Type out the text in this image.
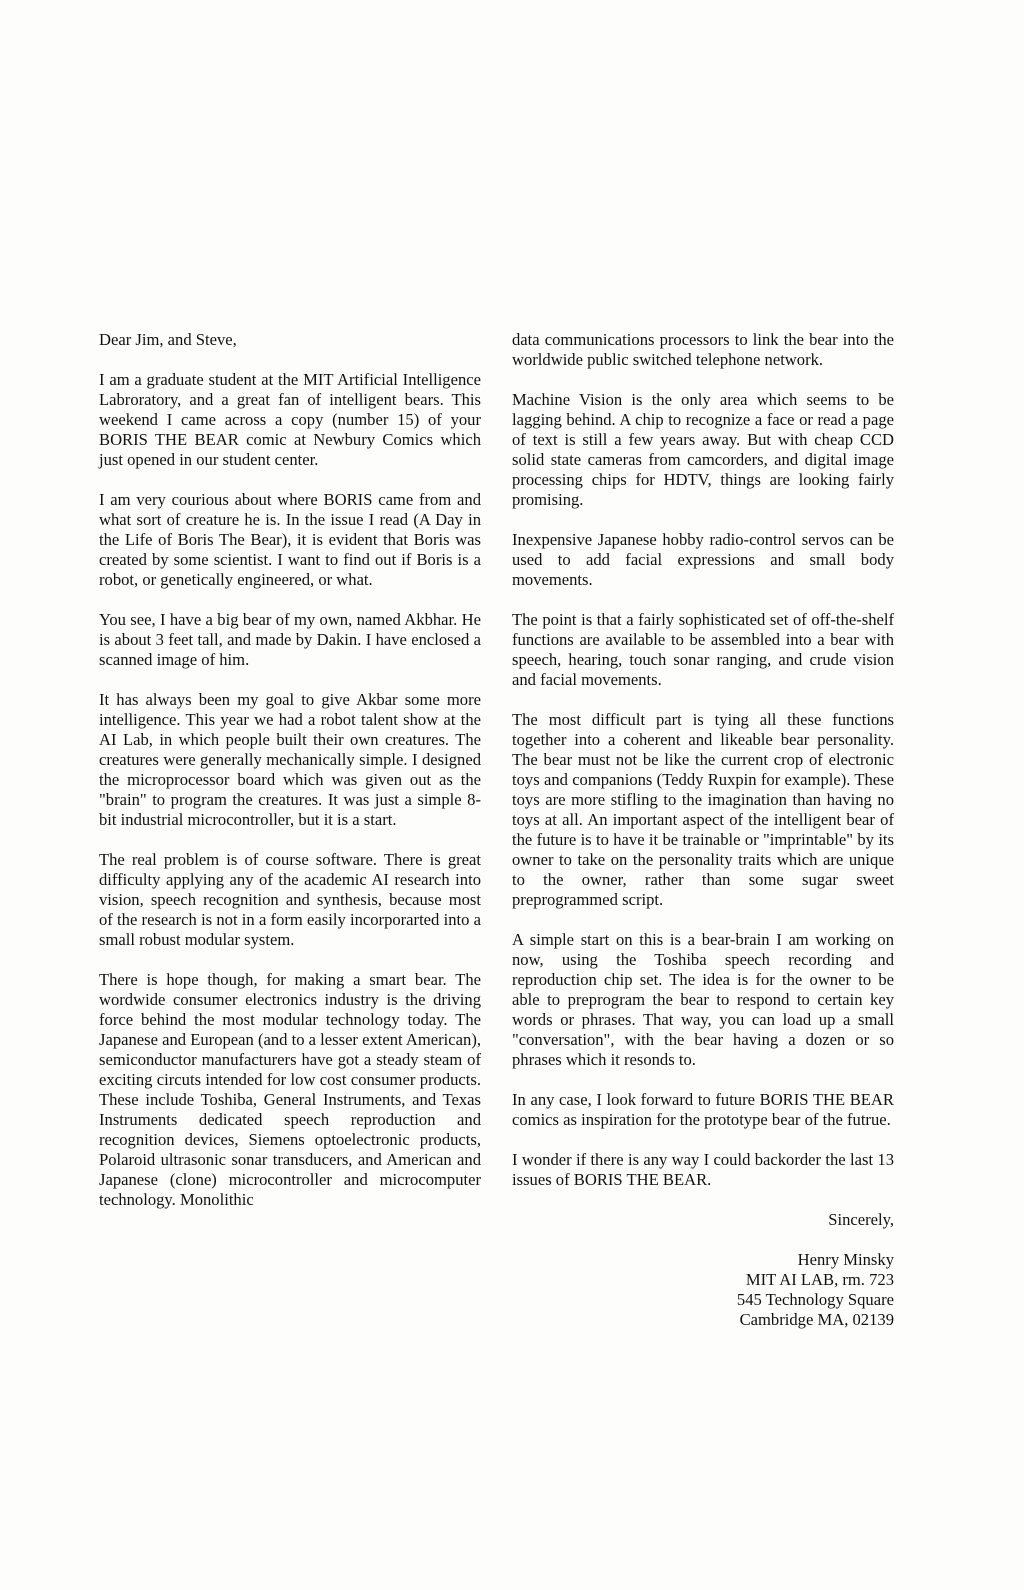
Dear Jim, and Steve,

I am a graduate student at the MIT Artificial Intelligence Labroratory, and a great fan of intelligent bears. This weekend I came across a copy (number 15) of your BORIS THE BEAR comic at Newbury Comics which just opened in our student center.

I am very courious about where BORIS came from and what sort of creature he is. In the issue I read (A Day in the Life of Boris The Bear), it is evident that Boris was created by some scientist. I want to find out if Boris is a robot, or genetically engineered, or what.

You see, I have a big bear of my own, named Akbhar. He is about 3 feet tall, and made by Dakin. I have enclosed a scanned image of him.

It has always been my goal to give Akbar some more intelligence. This year we had a robot talent show at the AI Lab, in which people built their own creatures. The creatures were generally mechanically simple. I designed the microprocessor board which was given out as the "brain" to program the creatures. It was just a simple 8-bit industrial microcontroller, but it is a start.

The real problem is of course software. There is great difficulty applying any of the academic AI research into vision, speech recognition and synthesis, because most of the research is not in a form easily incorporarted into a small robust modular system.

There is hope though, for making a smart bear. The wordwide consumer electronics industry is the driving force behind the most modular technology today. The Japanese and European (and to a lesser extent American), semiconductor manufacturers have got a steady steam of exciting circuts intended for low cost consumer products. These include Toshiba, General Instruments, and Texas Instruments dedicated speech reproduction and recognition devices, Siemens optoelectronic products, Polaroid ultrasonic sonar transducers, and American and Japanese (clone) microcontroller and microcomputer technology. Monolithic

data communications processors to link the bear into the worldwide public switched telephone network.

Machine Vision is the only area which seems to be lagging behind. A chip to recognize a face or read a page of text is still a few years away. But with cheap CCD solid state cameras from camcorders, and digital image processing chips for HDTV, things are looking fairly promising.

Inexpensive Japanese hobby radio-control servos can be used to add facial expressions and small body movements.

The point is that a fairly sophisticated set of off-the-shelf functions are available to be assembled into a bear with speech, hearing, touch sonar ranging, and crude vision and facial movements.

The most difficult part is tying all these functions together into a coherent and likeable bear personality. The bear must not be like the current crop of electronic toys and companions (Teddy Ruxpin for example). These toys are more stifling to the imagination than having no toys at all. An important aspect of the intelligent bear of the future is to have it be trainable or "imprintable" by its owner to take on the personality traits which are unique to the owner, rather than some sugar sweet preprogrammed script.

A simple start on this is a bear-brain I am working on now, using the Toshiba speech recording and reproduction chip set. The idea is for the owner to be able to preprogram the bear to respond to certain key words or phrases. That way, you can load up a small "conversation", with the bear having a dozen or so phrases which it resonds to.

In any case, I look forward to future BORIS THE BEAR comics as inspiration for the prototype bear of the futrue.

I wonder if there is any way I could backorder the last 13 issues of BORIS THE BEAR.

Sincerely,

Henry Minsky
MIT AI LAB, rm. 723
545 Technology Square
Cambridge MA, 02139
